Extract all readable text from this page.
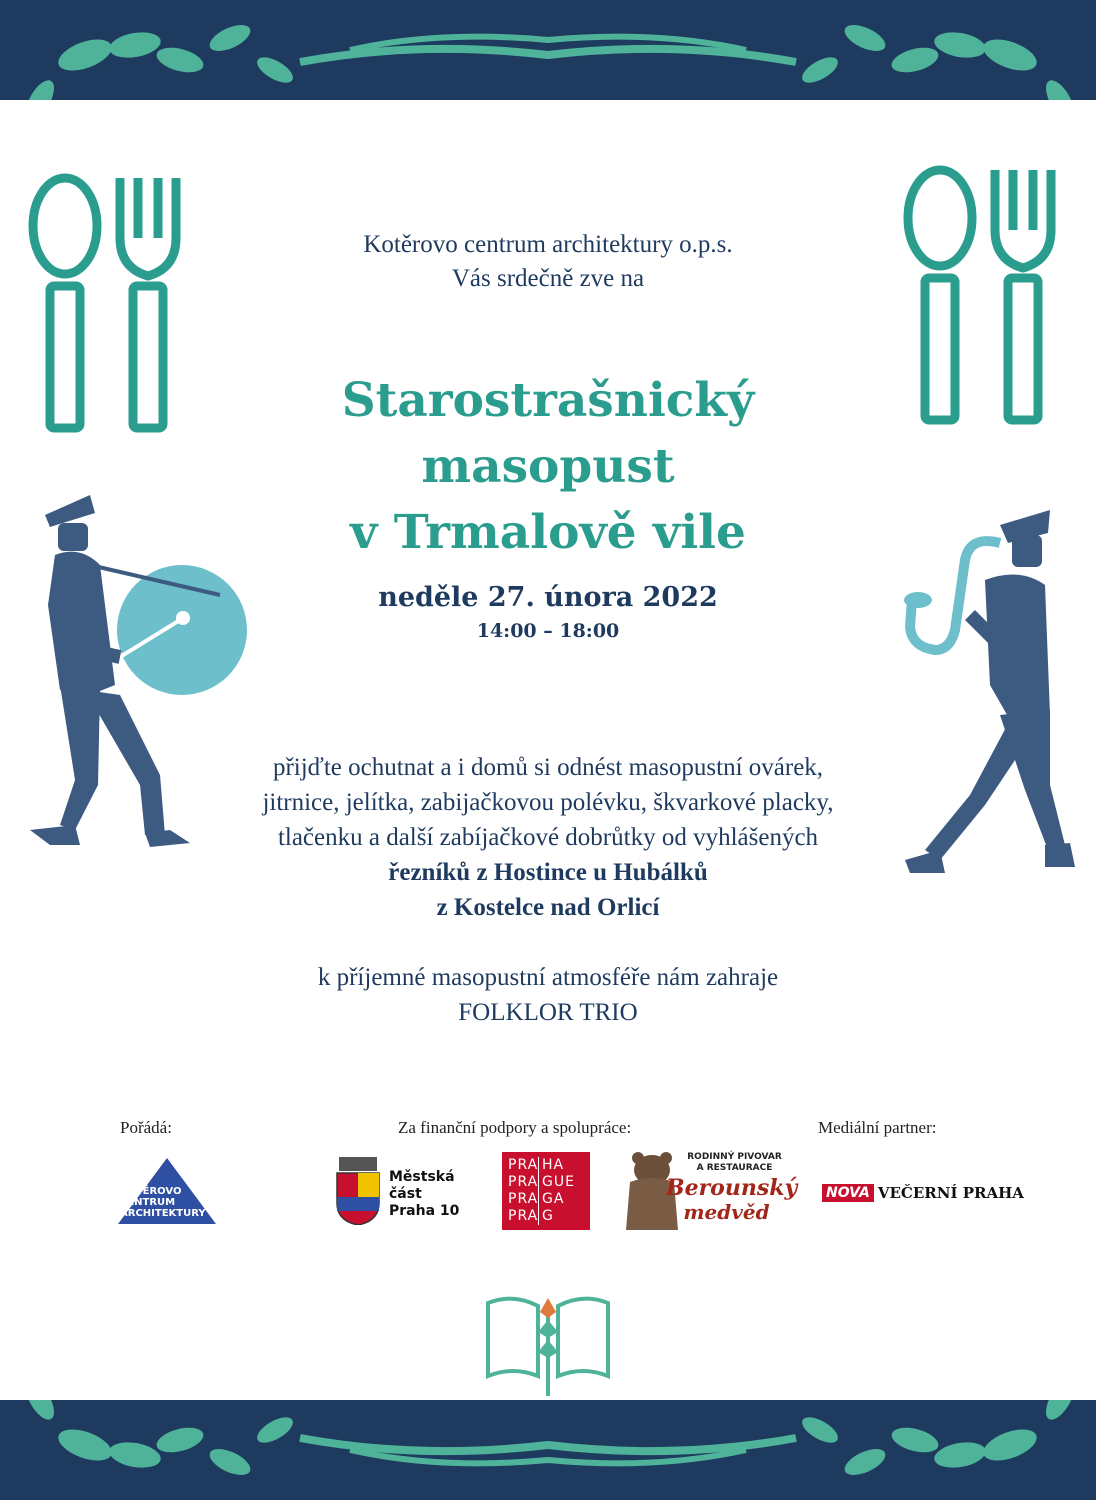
Kotěrovo centrum architektury o.p.s.
Vás srdečně zve na
Starostrašnický
masopust
v Trmalově vile
neděle 27. února 2022
14:00 – 18:00
přijďte ochutnat a i domů si odnést masopustní ovárek,
jitrnice, jelítka, zabijačkovou polévku, škvarkové placky,
tlačenku a další zabíjačkové dobrůtky od vyhlášených
řezníků z Hostince u Hubálků
z Kostelce nad Orlicí
k příjemné masopustní atmosféře nám zahraje
FOLKLOR TRIO
Pořádá:	Za finanční podpory a spolupráce:	Mediální partner:
KOTĚROVO
CENTRUM
ARCHITEKTURY
Městská
část
Praha 10
PRA HA
PRA GUE
PRA GA
PRA G
RODINNÝ PIVOVAR
A RESTAURACE
Berounský
medvěd
NOVA VEČERNÍ PRAHA
